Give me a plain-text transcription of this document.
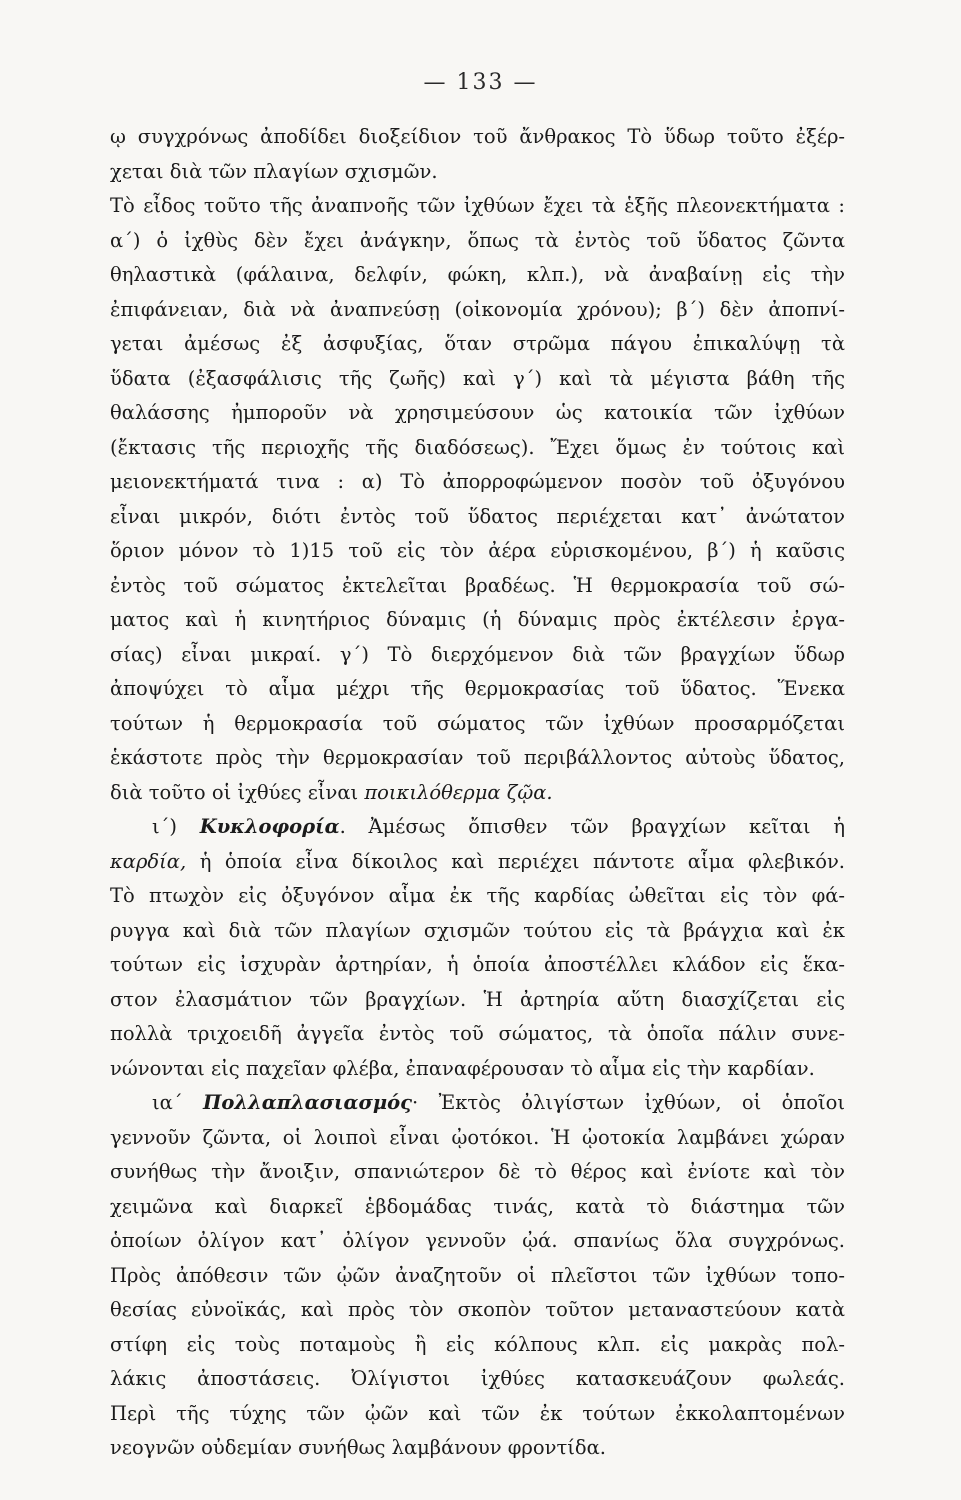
— 133 —
ῳ συγχρόνως ἀποδίδει διοξείδιον τοῦ ἄνθρακος Τὸ ὕδωρ τοῦτο ἐξέρ-
χεται διὰ τῶν πλαγίων σχισμῶν.
Τὸ εἶδος τοῦτο τῆς ἀναπνοῆς τῶν ἰχθύων ἔχει τὰ ἑξῆς πλεονεκτήματα :
α΄) ὁ ἰχθὺς δὲν ἔχει ἀνάγκην, ὅπως τὰ ἐντὸς τοῦ ὕδατος ζῶντα
θηλαστικὰ (φάλαινα, δελφίν, φώκη, κλπ.), νὰ ἀναβαίνῃ εἰς τὴν
ἐπιφάνειαν, διὰ νὰ ἀναπνεύσῃ (οἰκονομία χρόνου); β΄) δὲν ἀποπνί-
γεται ἀμέσως ἐξ ἀσφυξίας, ὅταν στρῶμα πάγου ἐπικαλύψῃ τὰ
ὕδατα (ἐξασφάλισις τῆς ζωῆς) καὶ γ΄) καὶ τὰ μέγιστα βάθη τῆς
θαλάσσης ἠμποροῦν νὰ χρησιμεύσουν ὡς κατοικία τῶν ἰχθύων
(ἔκτασις τῆς περιοχῆς τῆς διαδόσεως). Ἔχει ὅμως ἐν τούτοις καὶ
μειονεκτήματά τινα : α) Τὸ ἀπορροφώμενον ποσὸν τοῦ ὀξυγόνου
εἶναι μικρόν, διότι ἐντὸς τοῦ ὕδατος περιέχεται κατ᾽ ἀνώτατον
ὅριον μόνον τὸ 1)15 τοῦ εἰς τὸν ἀέρα εὑρισκομένου, β΄) ἡ καῦσις
ἐντὸς τοῦ σώματος ἐκτελεῖται βραδέως. Ἡ θερμοκρασία τοῦ σώ-
ματος καὶ ἡ κινητήριος δύναμις (ἡ δύναμις πρὸς ἐκτέλεσιν ἐργα-
σίας) εἶναι μικραί. γ΄) Τὸ διερχόμενον διὰ τῶν βραγχίων ὕδωρ
ἀποψύχει τὸ αἷμα μέχρι τῆς θερμοκρασίας τοῦ ὕδατος. Ἕνεκα
τούτων ἡ θερμοκρασία τοῦ σώματος τῶν ἰχθύων προσαρμόζεται
ἑκάστοτε πρὸς τὴν θερμοκρασίαν τοῦ περιβάλλοντος αὐτοὺς ὕδατος,
διὰ τοῦτο οἱ ἰχθύες εἶναι ποικιλόθερμα ζῷα.
ι΄) Κυκλοφορία. Ἀμέσως ὄπισθεν τῶν βραγχίων κεῖται ἡ
καρδία, ἡ ὁποία εἶνα δίκοιλος καὶ περιέχει πάντοτε αἷμα φλεβικόν.
Τὸ πτωχὸν εἰς ὀξυγόνον αἷμα ἐκ τῆς καρδίας ὠθεῖται εἰς τὸν φά-
ρυγγα καὶ διὰ τῶν πλαγίων σχισμῶν τούτου εἰς τὰ βράγχια καὶ ἐκ
τούτων εἰς ἰσχυρὰν ἀρτηρίαν, ἡ ὁποία ἀποστέλλει κλάδον εἰς ἕκα-
στον ἐλασμάτιον τῶν βραγχίων. Ἡ ἀρτηρία αὕτη διασχίζεται εἰς
πολλὰ τριχοειδῆ ἀγγεῖα ἐντὸς τοῦ σώματος, τὰ ὁποῖα πάλιν συνε-
νώνονται εἰς παχεῖαν φλέβα, ἐπαναφέρουσαν τὸ αἷμα εἰς τὴν καρδίαν.
ια΄ Πολλαπλασιασμός· Ἐκτὸς ὀλιγίστων ἰχθύων, οἱ ὁποῖοι
γεννοῦν ζῶντα, οἱ λοιποὶ εἶναι ᾠοτόκοι. Ἡ ᾠοτοκία λαμβάνει χώραν
συνήθως τὴν ἄνοιξιν, σπανιώτερον δὲ τὸ θέρος καὶ ἐνίοτε καὶ τὸν
χειμῶνα καὶ διαρκεῖ ἑβδομάδας τινάς, κατὰ τὸ διάστημα τῶν
ὁποίων ὀλίγον κατ᾽ ὀλίγον γεννοῦν ᾠά. σπανίως ὅλα συγχρόνως.
Πρὸς ἀπόθεσιν τῶν ᾠῶν ἀναζητοῦν οἱ πλεῖστοι τῶν ἰχθύων τοπο-
θεσίας εὐνοϊκάς, καὶ πρὸς τὸν σκοπὸν τοῦτον μεταναστεύουν κατὰ
στίφη εἰς τοὺς ποταμοὺς ἢ εἰς κόλπους κλπ. εἰς μακρὰς πολ-
λάκις ἀποστάσεις. Ὀλίγιστοι ἰχθύες κατασκευάζουν φωλεάς.
Περὶ τῆς τύχης τῶν ᾠῶν καὶ τῶν ἐκ τούτων ἐκκολαπτομένων
νεογνῶν οὐδεμίαν συνήθως λαμβάνουν φροντίδα.
